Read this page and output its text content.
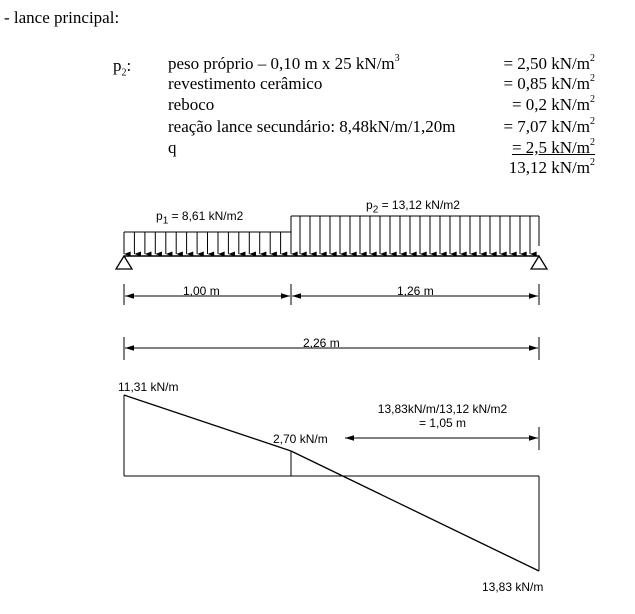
- lance principal:
$p_2$: peso próprio – 0,10 m x 25 $kN/m^3$
revestimento cerâmico
reboco
reação lance secundário: 8,48kN/m/1,20m
q
= 2,50 $kN/m^2$
= 0,85 $kN/m^2$
= 0,2 $kN/m^2$
= 7,07 $kN/m^2$
= 2,5 $kN/m^2$
13,12 $kN/m^2$
$p_1 = 8,61$ kN/m2
$p_2 = 13,12$ kN/m2
1,00 m	1,26 m
2,26 m
11,31 kN/m
2,70 kN/m
13,83kN/m/13,12 kN/m2
= 1,05 m
13,83 kN/m
